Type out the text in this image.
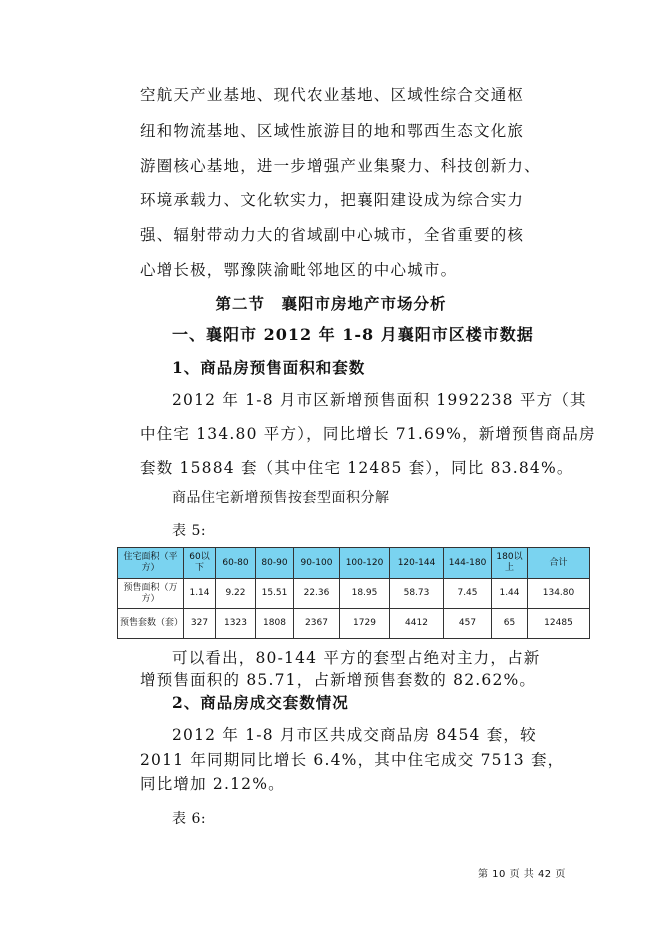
空航天产业基地、现代农业基地、区域性综合交通枢
纽和物流基地、区域性旅游目的地和鄂西生态文化旅
游圈核心基地，进一步增强产业集聚力、科技创新力、
环境承载力、文化软实力，把襄阳建设成为综合实力
强、辐射带动力大的省域副中心城市，全省重要的核
心增长极，鄂豫陕渝毗邻地区的中心城市。
第二节　襄阳市房地产市场分析
一、襄阳市 2012 年 1-8 月襄阳市区楼市数据
1、商品房预售面积和套数
2012 年 1-8 月市区新增预售面积 1992238 平方（其
中住宅 134.80 平方），同比增长 71.69%，新增预售商品房
套数 15884 套（其中住宅 12485 套），同比 83.84%。
商品住宅新增预售按套型面积分解
表 5:
住宅面积（平方）	60以下	60-80	80-90	90-100	100-120	120-144	144-180	180以上	合计
预售面积（万方）	1.14	9.22	15.51	22.36	18.95	58.73	7.45	1.44	134.80
预售套数（套）	327	1323	1808	2367	1729	4412	457	65	12485
可以看出，80-144 平方的套型占绝对主力，占新
增预售面积的 85.71，占新增预售套数的 82.62%。
2、商品房成交套数情况
2012 年 1-8 月市区共成交商品房 8454 套，较
2011 年同期同比增长 6.4%，其中住宅成交 7513 套，
同比增加 2.12%。
表 6:
第 10 页 共 42 页
